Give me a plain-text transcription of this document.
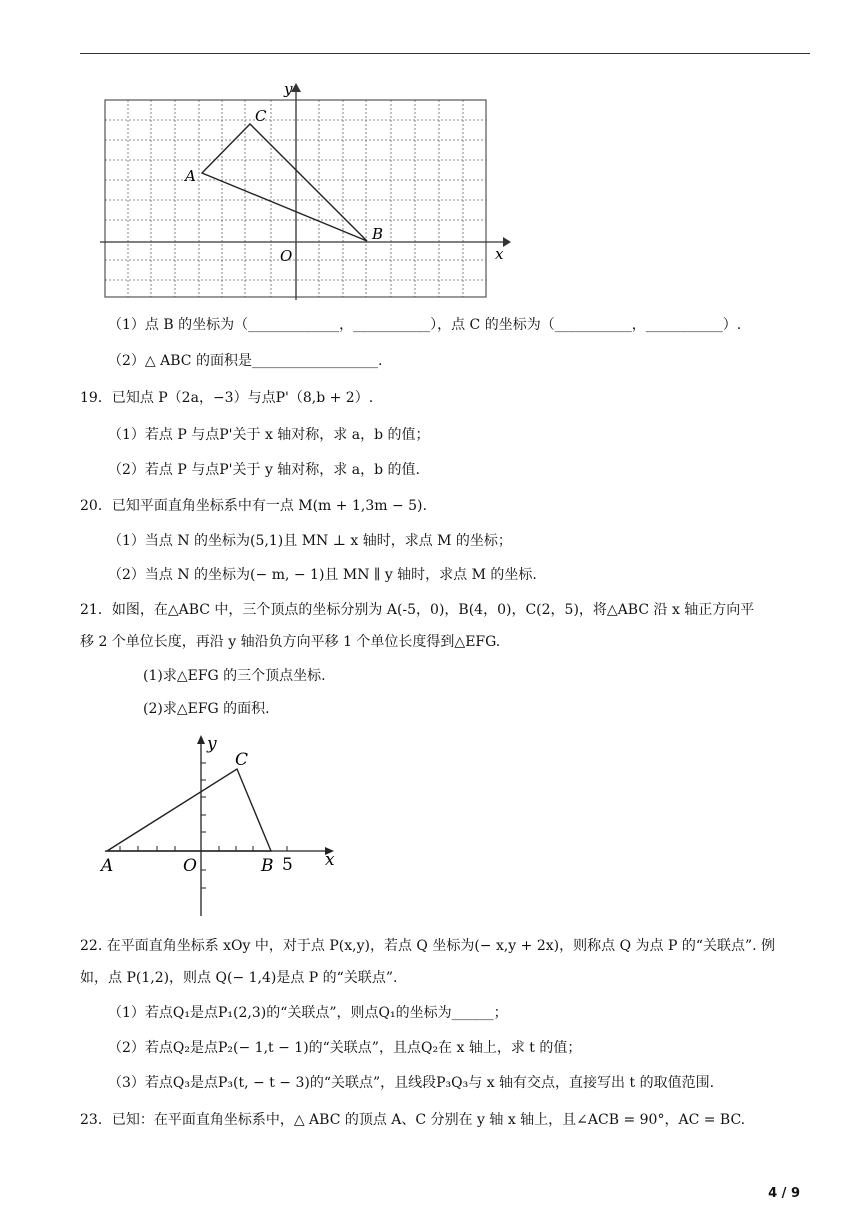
C
A
B
O	x
y
（1）点 B 的坐标为（_____________，___________），点 C 的坐标为（___________，___________）.
（2）△ ABC 的面积是__________________.
19．已知点 P（2a，−3）与点P'（8,b + 2）.
（1）若点 P 与点P'关于 x 轴对称，求 a，b 的值；
（2）若点 P 与点P'关于 y 轴对称，求 a，b 的值.
20．已知平面直角坐标系中有一点 M(m + 1,3m − 5).
（1）当点 N 的坐标为(5,1)且 MN ⊥ x 轴时，求点 M 的坐标；
（2）当点 N 的坐标为(− m, − 1)且 MN ∥ y 轴时，求点 M 的坐标.
21．如图，在△ABC 中，三个顶点的坐标分别为 A(-5，0)，B(4，0)，C(2，5)，将△ABC 沿 x 轴正方向平
移 2 个单位长度，再沿 y 轴沿负方向平移 1 个单位长度得到△EFG.
(1)求△EFG 的三个顶点坐标.
(2)求△EFG 的面积.
y
C
A	O	B 5 x
22. 在平面直角坐标系 xOy 中，对于点 P(x,y)，若点 Q 坐标为(− x,y + 2x)，则称点 Q 为点 P 的“关联点”. 例
如，点 P(1,2)，则点 Q(− 1,4)是点 P 的“关联点”.
（1）若点Q₁是点P₁(2,3)的“关联点”，则点Q₁的坐标为______；
（2）若点Q₂是点P₂(− 1,t − 1)的“关联点”，且点Q₂在 x 轴上，求 t 的值；
（3）若点Q₃是点P₃(t, − t − 3)的“关联点”，且线段P₃Q₃与 x 轴有交点，直接写出 t 的取值范围.
23．已知：在平面直角坐标系中，△ ABC 的顶点 A、C 分别在 y 轴 x 轴上，且∠ACB = 90°，AC = BC.
4 / 9
